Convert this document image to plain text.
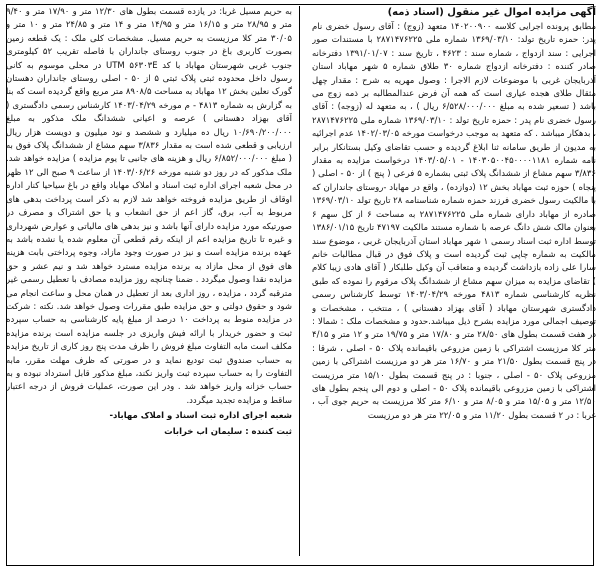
آگهی مزایده اموال غیر منقول (اسناد ذمه)

مطابق پرونده اجرایی کلاسه ۱۴۰۲۰۰۹۰۰ متعهد (زوج) : آقای رسول خضری نام پدر: حمزه تاریخ تولد: ۱۳۶۹/۰۳/۱۰ شماره ملی ۲۸۷۱۴۷۶۲۲۵ با مستندات صور اجرایی : سند ازدواج ، شماره سند : ۴۶۲۳ ، تاریخ سند : ۱۳۹۱/۰۱/۰۷ دفترخانه صادر کننده : دفترخانه ازدواج شماره ۳۰ طلاق شماره ۵ شهر مهاباد استان آذربایجان غربی با موضوعات لازم الاجرا : وصول مهریه به شرح : مقدار چهل مثقال طلای هجده عیاری است که همه آن فرض عندالمطالبه بر ذمه زوج می باشد ( تسعیر شده به مبلغ ۶/۵۲۸/۰۰۰/۰۰۰ ریال ) ، به متعهد له (زوجه) : آقای رسول خضری نام پدر : حمزه تاریخ تولد : ۱۳۶۹/۰۳/۱۰ شماره ملی ۲۸۷۱۴۷۶۲۲۵ ، بدهکار میباشد . که متعهد به موجب درخواست مورخه ۱۴۰۲/۰۳/۰۵ عدم اجرائیه به مدیون از طریق سامانه ثنا ابلاغ گردیده و حسب تقاضای وکیل بستانکار برابر نامه شماره ۱۴۰۳۰۵۰۰۴۵۰۰۰۰۱۱۸۱ - ۱۴۰۳/۰۵/۰۱ درخواست مزایده به مقدار ۳/۸۳۶ سهم مشاع از ششدانگ پلاک ثبتی بشماره ۵ فرعی ( پنج ) از ۵۰ - اصلی ( پنجاه ) حوزه ثبت مهاباد بخش ۱۲ (دوازده) ، واقع در مهاباد -روستای جانداران که با مالکیت رسول خضری فرزند حمزه شماره شناسنامه ۲۸ تاریخ تولد ۱۳۶۹/۰۳/۱۰ صادره از مهاباد دارای شماره ملی ۲۸۷۱۴۷۶۲۲۵ به مساحت ۶ از کل سهم ۶ بعنوان مالک شش دانگ عرصه با شماره مستند مالکیت ۴۷۱۹۷ تاریخ ۱۳۸۶/۰۱/۱۵ توسط اداره ثبت اسناد رسمی ۱ شهر مهاباد استان آذربایجان غربی ، موضوع سند مالکیت به شماره چاپی ثبت گردیده است و پلاک فوق در قبال مطالبات خانم سارا علی زاده بازداشت گردیده و متعاقب آن وکیل طلبکار ( آقای هادی زیبا کلام ) تقاضای مزایده به میزان سهم مشاع از ششدانگ پلاک مرقوم را نموده که طبق نظریه کارشناسی شماره ۴۸۱۳ مورخه ۱۴۰۳/۰۴/۲۹ توسط کارشناس رسمی دادگستری شهرستان مهاباد ( آقای بهزاد دهستانی ) ، منتخب ، مشخصات و توصیف اجمالی مورد مزایده بشرح ذیل میباشد.حدود و مشخصات ملک : شمالا : در هفت قسمت بطول های ۲۸/۵۰ متر و ۱۷/۸۰ متر و ۱۹/۷۵ متر و ۱۲ متر و ۴/۱۵ متر کلا مرزیست اشتراکی با زمین مزروعی باقیمانده پلاک ۵۰ - اصلی ، شرقا : در پنج قسمت بطول ۲۱/۵۰ متر و ۱۶/۷۰ متر هر دو مرزیست اشتراکی با زمین مزروعی پلاک ۵۰ - اصلی ، جنوبا : در پنج قسمت بطول ۱۵/۱۰ متر مرزیست اشتراکی با زمین مزروعی باقیمانده پلاک ۵۰ - اصلی و دوم الی پنجم بطول های ۱۲/۵۰ متر و ۱۵/۰۵ متر و ۸/۰۵ متر و ۶/۱۰ متر کلا مرزیست به حریم جوی آب ، غربا : در ۲ قسمت بطول ۱۱/۲۰ متر و ۲۲/۰۵ متر هر دو مرزیست

به حریم مسیل غربا: در یازده قسمت بطول های ۱۲/۳۰ متر و ۱۷/۹۰ متر و ۹/۴۰ متر و ۲۸/۹۵ متر و ۱۶/۱۵ متر و ۱۴/۹۵ متر و ۱۴ متر و ۲۴/۸۵ متر و ۱۰ متر و ۳۰/۰۵ متر کلا مرزیست به حریم مسیل. مشخصات کلی ملک : یک قطعه زمین بصورت کاربری باغ در جنوب روستای جانداران با فاصله تقریب ۵۲ کیلومتری جنوب غربی شهرستان مهاباد با کد UTM ۵۶۳۰۳E در محلی موسوم به کانی رسول داخل محدوده ثبتی پلاک ثبتی ۵ از ۵۰ - اصلی روستای جانداران دهستان گورک نعلین بخش ۱۲ مهاباد به مساحت ۸۹۰۸/۵ متر مربع واقع گردیده است که بنا به گزارش به شماره ۴۸۱۳ - م مورخه ۱۴۰۳/۰۴/۲۹ کارشناس رسمی دادگستری ( آقای بهزاد دهستانی ) عرصه و اعیانی ششدانگ ملک مذکور به مبلغ ۱۰/۶۹۰/۲۰۰/۰۰۰ ریال ده میلیارد و ششصد و نود میلیون و دویست هزار ریال ارزیابی و قطعی شده است به مقدار ۳/۸۳۶ سهم مشاع از ششدانگ پلاک فوق به ( مبلغ ۶/۸۵۲/۰۰۰/۰۰۰ ریال و هزینه های جانبی تا یوم مزایده ) مزایده خواهد شد. ملک مذکور که در روز دو شنبه مورخه ۱۴۰۳/۰۶/۲۶ از ساعت ۹ صبح الی ۱۲ ظهر در محل شعبه اجرای اداره ثبت اسناد و املاک مهاباد واقع در باغ سیاحیا کنار اداره اوقاف از طریق مزایده فروخته خواهد شد لازم به ذکر است پرداخت بدهی های مربوط به آب، برق، گاز اعم از حق انشعاب و یا حق اشتراک و مصرف در صورتیکه مورد مزایده دارای آنها باشد و نیز بدهی های مالیاتی و عوارض شهرداری و غیره تا تاریخ مزایده اعم از اینکه رقم قطعی آن معلوم شده یا نشده باشد به عهده برنده مزایده است و نیز در صورت وجود مازاد، وجوه پرداختی بابت هزینه های فوق از محل مازاد به برنده مزایده مسترد خواهد شد و نیم عشر و حق مزایده نقدا وصول میگردد . ضمنا چنانچه روز مزایده مصادف با تعطیل رسمی غیر مترقبه گردد ، مزایده ، روز اداری بعد از تعطیل در همان محل و ساعت انجام می شود و حقوق دولتی و حق مزایده طبق مقررات وصول خواهد شد. نکته : شرکت در مزایده منوط به پرداخت ۱۰ درصد از مبلغ پایه کارشناسی به حساب سپرده ثبت و حضور خریدار با ارائه فیش واریزی در جلسه مزایده است برنده مزایده مکلف است مابه التفاوت مبلغ فروش را ظرف مدت پنج روز کاری از تاریخ مزایده به حساب صندوق ثبت تودیع نماید و در صورتی که ظرف مهلت مقرر، مابه التفاوت را به حساب سپرده ثبت واریز نکند، مبلغ مذکور قابل استرداد نبوده و به حساب خزانه واریز خواهد شد . ودر این صورت، عملیات فروش از درجه اعتبار ساقط و مزایده تجدید میگردد.

شعبه اجرای اداره ثبت اسناد و املاک مهاباد-

ثبت کننده : سلیمان اب خرابات
